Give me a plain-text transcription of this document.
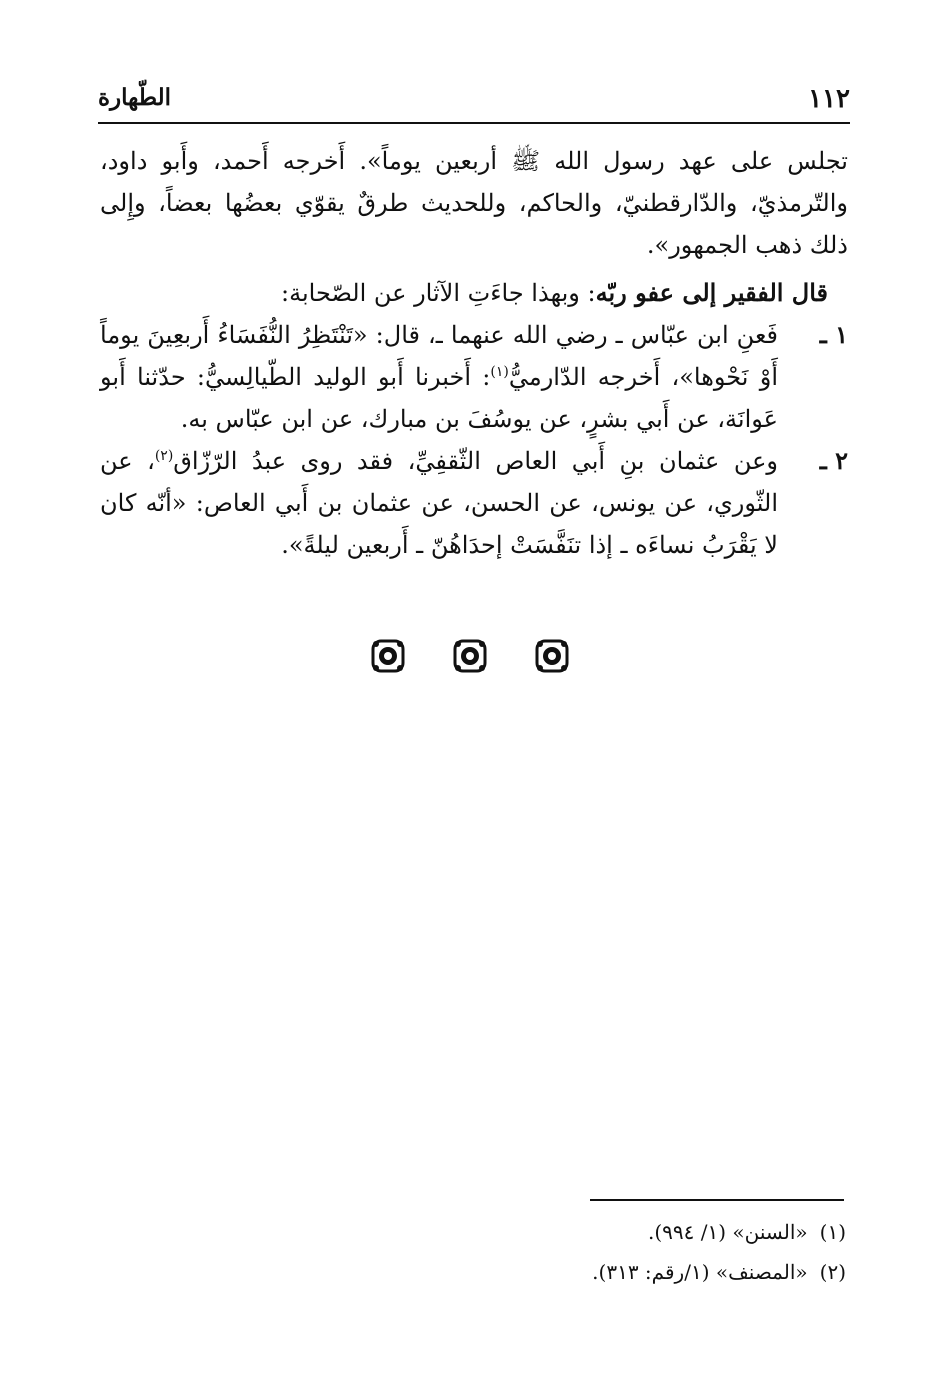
١١٢
الطّهارة

تجلس على عهد رسول الله ﷺ أربعين يوماً». أَخرجه أَحمد، وأَبو داود، والتّرمذيّ، والدّارقطنيّ، والحاكم، وللحديث طرقٌ يقوّي بعضُها بعضاً، وإِلى ذلك ذهب الجمهور».

قال الفقير إلى عفو ربّه: وبهذا جاءَتِ الآثار عن الصّحابة:

١ ـ
فَعنِ ابن عبّاس ـ رضي الله عنهما ـ، قال: «تَنْتَظِرُ النُّفَسَاءُ أَربعِينَ يوماً أَوْ نَحْوها»، أَخرجه الدّارميُّ$^{(١)}$: أَخبرنا أَبو الوليد الطّيالِسيُّ: حدّثنا أَبو عَوانَة، عن أَبي بشرٍ، عن يوسُفَ بن مبارك، عن ابن عبّاس به.

٢ ـ
وعن عثمان بنِ أَبي العاص الثّقفِيِّ، فقد روى عبدُ الرّزّاق$^{(٢)}$، عن الثّوري، عن يونس، عن الحسن، عن عثمان بن أَبي العاص: «أنّه كان لا يَقْرَبُ نساءَه ـ إذا تنَفَّسَتْ إحدَاهُنّ ـ أَربعين ليلةً».

(١)«السنن» (١/ ٩٩٤).

(٢)«المصنف» (١/رقم: ٣١٣).
